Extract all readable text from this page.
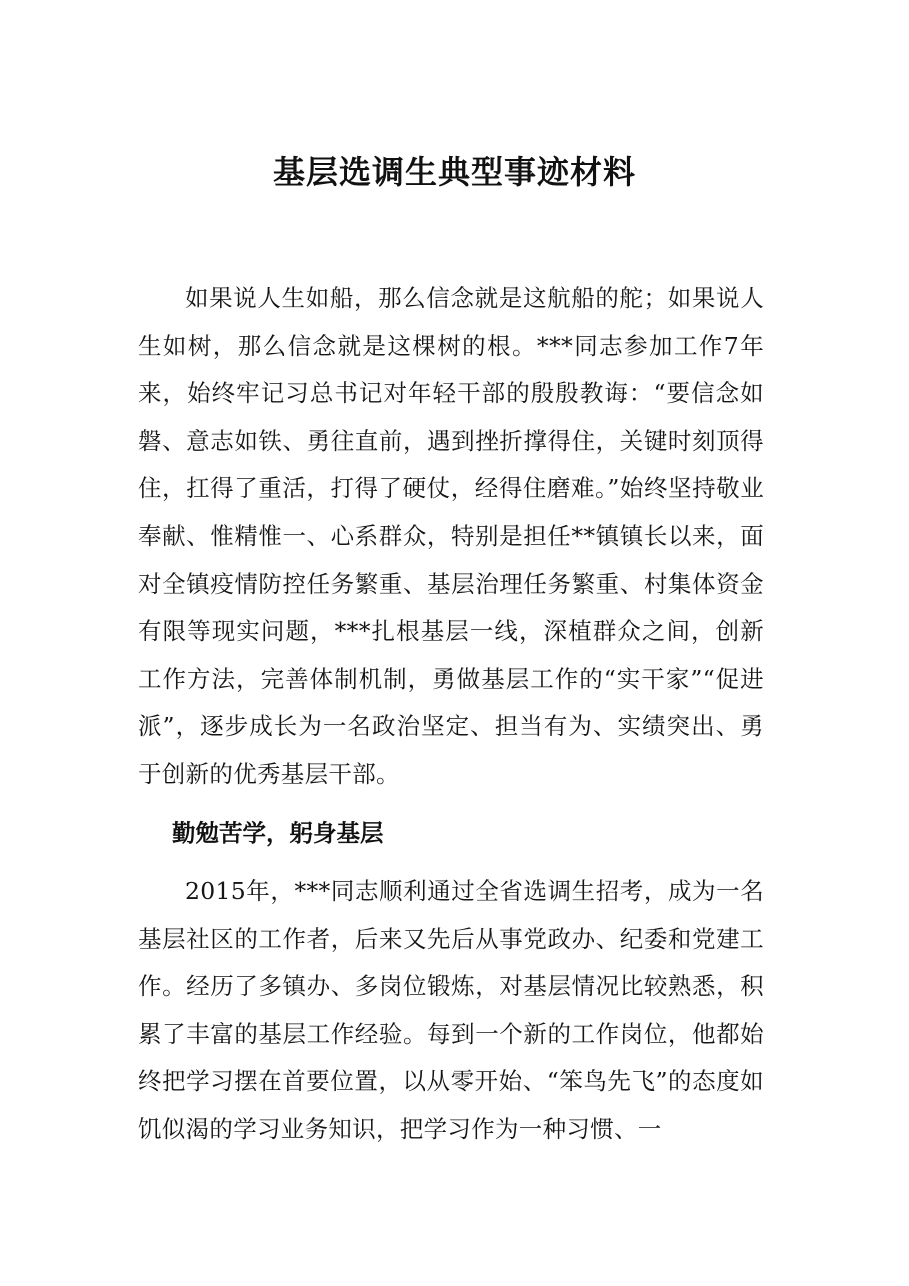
基层选调生典型事迹材料

如果说人生如船，那么信念就是这航船的舵；如果说人生如树，那么信念就是这棵树的根。***同志参加工作7年来，始终牢记习总书记对年轻干部的殷殷教诲：“要信念如磐、意志如铁、勇往直前，遇到挫折撑得住，关键时刻顶得住，扛得了重活，打得了硬仗，经得住磨难。”始终坚持敬业奉献、惟精惟一、心系群众，特别是担任**镇镇长以来，面对全镇疫情防控任务繁重、基层治理任务繁重、村集体资金有限等现实问题，***扎根基层一线，深植群众之间，创新工作方法，完善体制机制，勇做基层工作的“实干家”“促进派”，逐步成长为一名政治坚定、担当有为、实绩突出、勇于创新的优秀基层干部。

勤勉苦学，躬身基层

2015年，***同志顺利通过全省选调生招考，成为一名基层社区的工作者，后来又先后从事党政办、纪委和党建工作。经历了多镇办、多岗位锻炼，对基层情况比较熟悉，积累了丰富的基层工作经验。每到一个新的工作岗位，他都始终把学习摆在首要位置，以从零开始、“笨鸟先飞”的态度如饥似渴的学习业务知识，把学习作为一种习惯、一
